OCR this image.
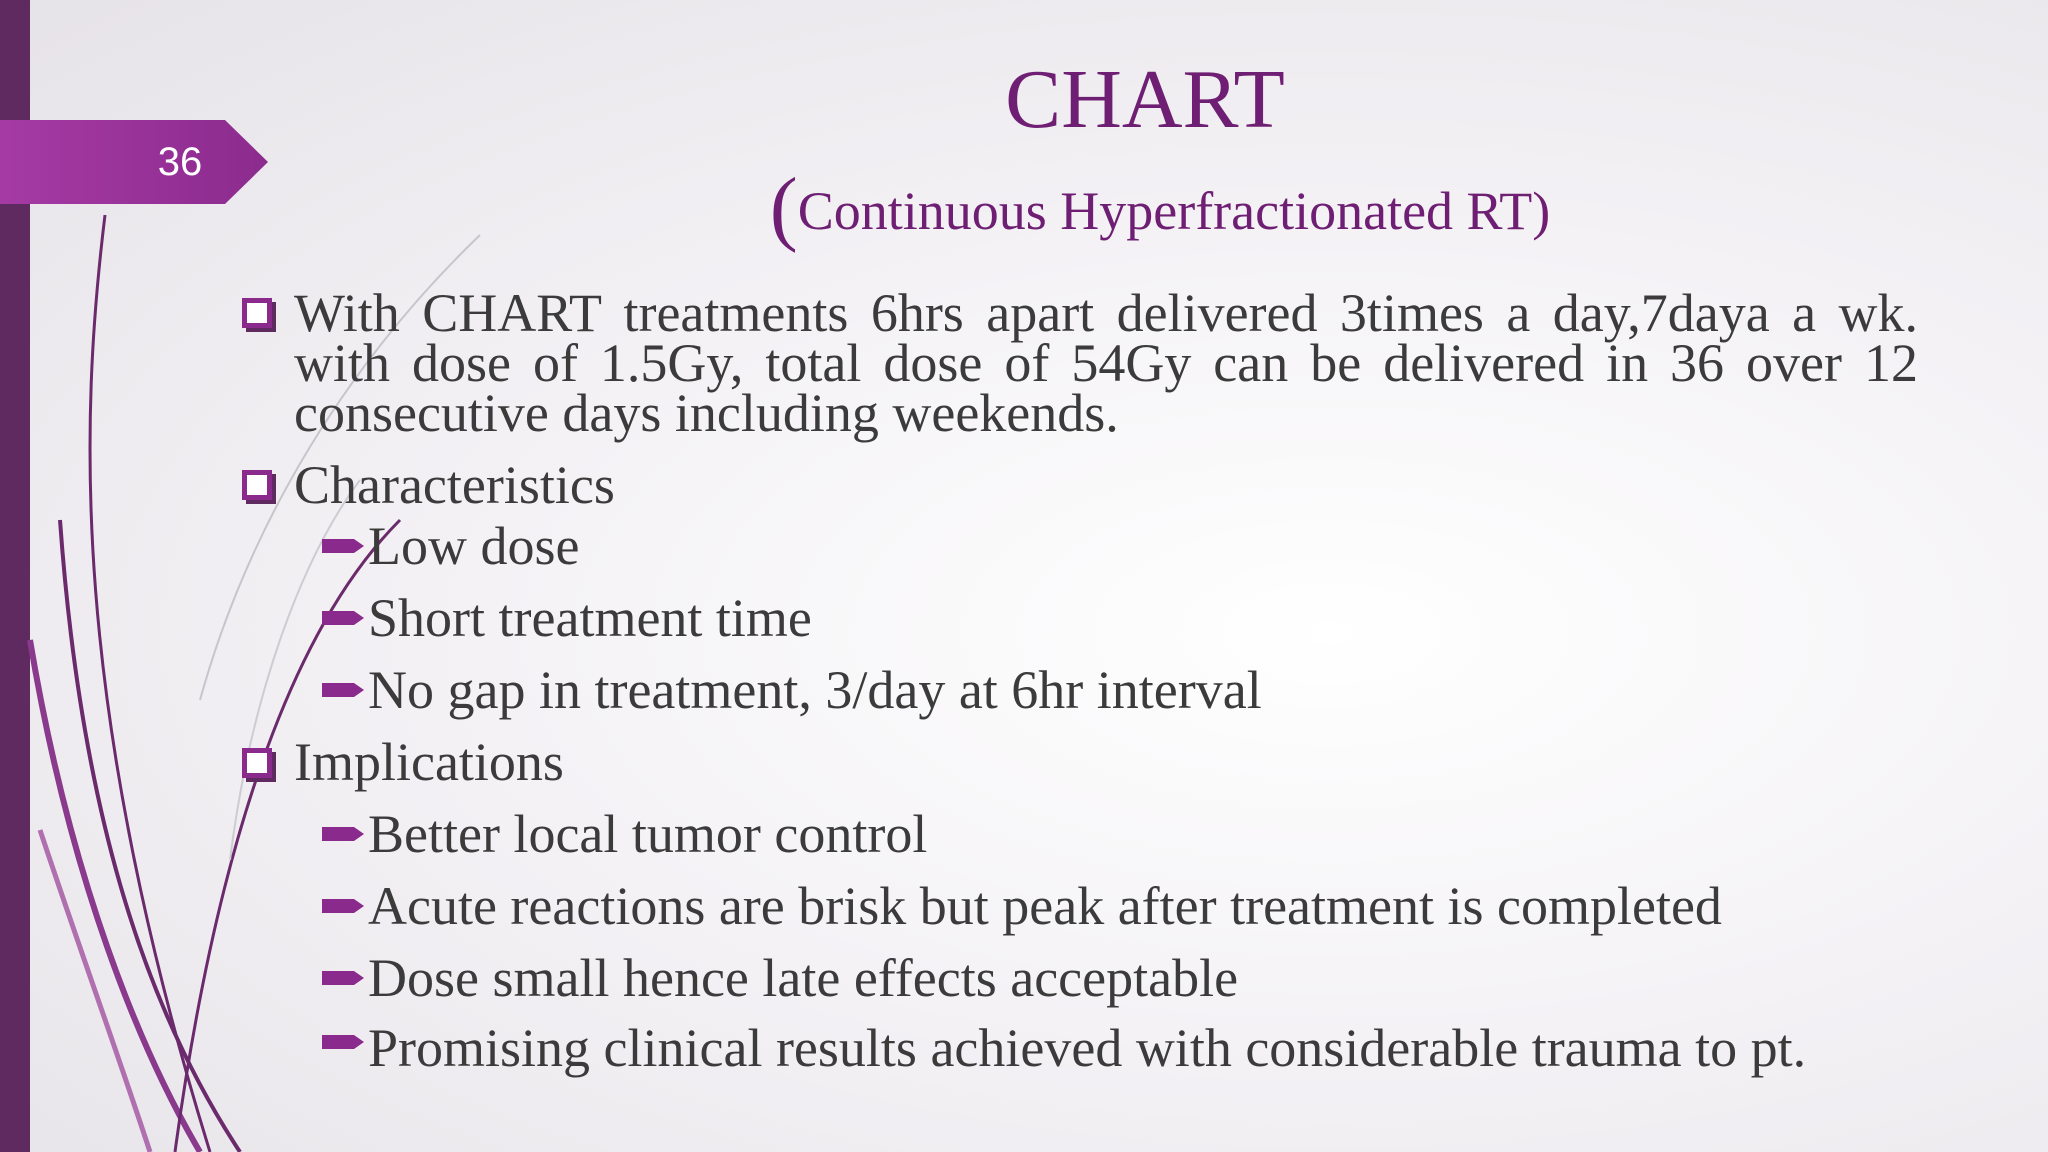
36
CHART
(Continuous Hyperfractionated RT)

With CHART treatments 6hrs apart delivered 3times a day,7daya a wk. with dose of 1.5Gy, total dose of 54Gy can be delivered in 36 over 12 consecutive days including weekends.

Characteristics

Low dose

Short treatment time

No gap in treatment, 3/day at 6hr interval

Implications

Better local tumor control

Acute reactions are brisk but peak after treatment is completed

Dose small hence late effects acceptable

Promising clinical results achieved with considerable trauma to pt.
